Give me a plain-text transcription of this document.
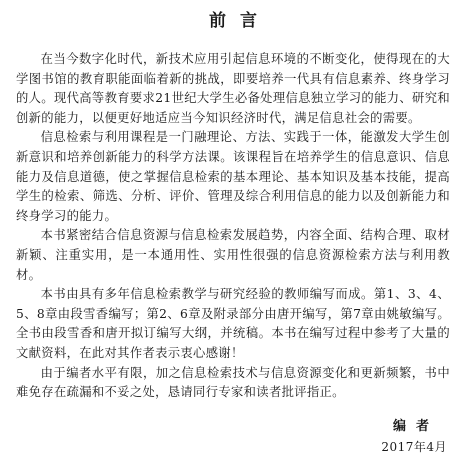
前言

在当今数字化时代，新技术应用引起信息环境的不断变化，使得现在的大学图书馆的教育职能面临着新的挑战，即要培养一代具有信息素养、终身学习的人。现代高等教育要求21世纪大学生必备处理信息独立学习的能力、研究和创新的能力，以便更好地适应当今知识经济时代，满足信息社会的需要。

信息检索与利用课程是一门融理论、方法、实践于一体，能激发大学生创新意识和培养创新能力的科学方法课。该课程旨在培养学生的信息意识、信息能力及信息道德，使之掌握信息检索的基本理论、基本知识及基本技能，提高学生的检索、筛选、分析、评价、管理及综合利用信息的能力以及创新能力和终身学习的能力。

本书紧密结合信息资源与信息检索发展趋势，内容全面、结构合理、取材新颖、注重实用，是一本通用性、实用性很强的信息资源检索方法与利用教材。

本书由具有多年信息检索教学与研究经验的教师编写而成。第1、3、4、5、8章由段雪香编写；第2、6章及附录部分由唐开编写，第7章由姚敏编写。全书由段雪香和唐开拟订编写大纲，并统稿。本书在编写过程中参考了大量的文献资料，在此对其作者表示衷心感谢！

由于编者水平有限，加之信息检索技术与信息资源变化和更新频繁，书中难免存在疏漏和不妥之处，恳请同行专家和读者批评指正。

编者
2017年4月
